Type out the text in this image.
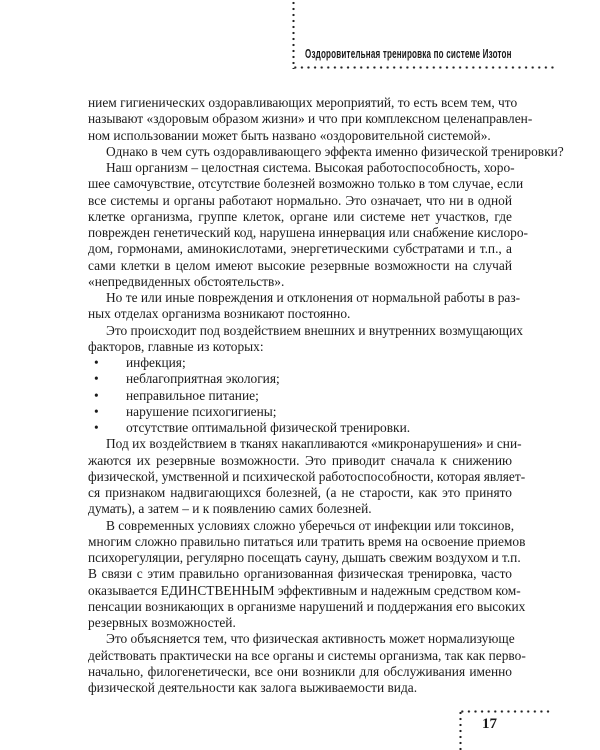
Оздоровительная тренировка по системе Изотон
нием гигиенических оздоравливающих мероприятий, то есть всем тем, что
называют «здоровым образом жизни» и что при комплексном целенаправлен-
ном использовании может быть названо «оздоровительной системой».
Однако в чем суть оздоравливающего эффекта именно физической тренировки?
Наш организм – целостная система. Высокая работоспособность, хоро-
шее самочувствие, отсутствие болезней возможно только в том случае, если
все системы и органы работают нормально. Это означает, что ни в одной
клетке организма, группе клеток, органе или системе нет участков, где
поврежден генетический код, нарушена иннервация или снабжение кислоро-
дом, гормонами, аминокислотами, энергетическими субстратами и т.п., а
сами клетки в целом имеют высокие резервные возможности на случай
«непредвиденных обстоятельств».
Но те или иные повреждения и отклонения от нормальной работы в раз-
ных отделах организма возникают постоянно.
Это происходит под воздействием внешних и внутренних возмущающих
факторов, главные из которых:
•	инфекция;
•	неблагоприятная экология;
•	неправильное питание;
•	нарушение психогигиены;
•	отсутствие оптимальной физической тренировки.
Под их воздействием в тканях накапливаются «микронарушения» и сни-
жаются их резервные возможности. Это приводит сначала к снижению
физической, умственной и психической работоспособности, которая являет-
ся признаком надвигающихся болезней, (а не старости, как это принято
думать), а затем – и к появлению самих болезней.
В современных условиях сложно уберечься от инфекции или токсинов,
многим сложно правильно питаться или тратить время на освоение приемов
психорегуляции, регулярно посещать сауну, дышать свежим воздухом и т.п.
В связи с этим правильно организованная физическая тренировка, часто
оказывается ЕДИНСТВЕННЫМ эффективным и надежным средством ком-
пенсации возникающих в организме нарушений и поддержания его высоких
резервных возможностей.
Это объясняется тем, что физическая активность может нормализующе
действовать практически на все органы и системы организма, так как перво-
начально, филогенетически, все они возникли для обслуживания именно
физической деятельности как залога выживаемости вида.
17
